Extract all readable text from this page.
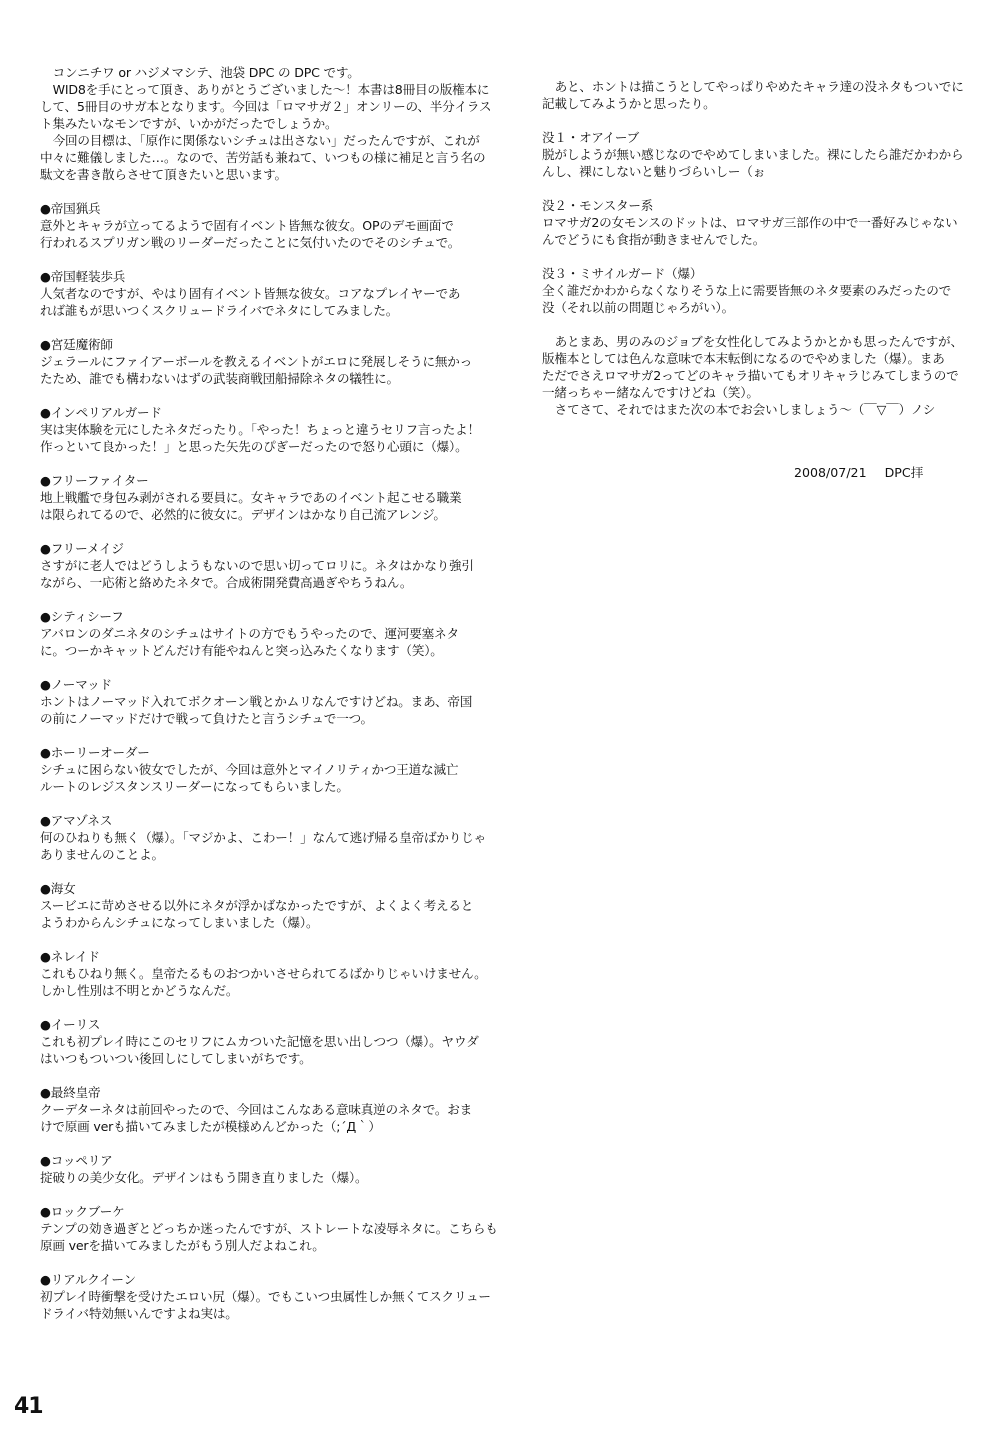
コンニチワ or ハジメマシテ、池袋 DPC の DPC です。

WID8を手にとって頂き、ありがとうございました〜！本書は8冊目の版権本にして、5冊目のサガ本となります。今回は「ロマサガ２」オンリーの、半分イラスト集みたいなモンですが、いかがだったでしょうか。

今回の目標は、「原作に関係ないシチュは出さない」だったんですが、これが中々に難儀しました…。なので、苦労話も兼ねて、いつもの様に補足と言う名の駄文を書き散らさせて頂きたいと思います。

●帝国猟兵

意外とキャラが立ってるようで固有イベント皆無な彼女。OPのデモ画面で

行われるスプリガン戦のリーダーだったことに気付いたのでそのシチュで。

●帝国軽装歩兵

人気者なのですが、やはり固有イベント皆無な彼女。コアなプレイヤーであ

れば誰もが思いつくスクリュードライバでネタにしてみました。

●宮廷魔術師

ジェラールにファイアーボールを教えるイベントがエロに発展しそうに無かっ

たため、誰でも構わないはずの武装商戦団船掃除ネタの犠牲に。

●インペリアルガード

実は実体験を元にしたネタだったり。「やった！ちょっと違うセリフ言ったよ！

作っといて良かった！」と思った矢先のぴぎーだったので怒り心頭に（爆）。

●フリーファイター

地上戦艦で身包み剥がされる要員に。女キャラであのイベント起こせる職業

は限られてるので、必然的に彼女に。デザインはかなり自己流アレンジ。

●フリーメイジ

さすがに老人ではどうしようもないので思い切ってロリに。ネタはかなり強引

ながら、一応術と絡めたネタで。合成術開発費高過ぎやちうねん。

●シティシーフ

アバロンのダニネタのシチュはサイトの方でもうやったので、運河要塞ネタ

に。つーかキャットどんだけ有能やねんと突っ込みたくなります（笑）。

●ノーマッド

ホントはノーマッド入れてボクオーン戦とかムリなんですけどね。まあ、帝国

の前にノーマッドだけで戦って負けたと言うシチュで一つ。

●ホーリーオーダー

シチュに困らない彼女でしたが、今回は意外とマイノリティかつ王道な滅亡

ルートのレジスタンスリーダーになってもらいました。

●アマゾネス

何のひねりも無く（爆）。「マジかよ、こわー！」なんて逃げ帰る皇帝ばかりじゃ

ありませんのことよ。

●海女

スービエに苛めさせる以外にネタが浮かばなかったですが、よくよく考えると

ようわからんシチュになってしまいました（爆）。

●ネレイド

これもひねり無く。皇帝たるものおつかいさせられてるばかりじゃいけません。

しかし性別は不明とかどうなんだ。

●イーリス

これも初プレイ時にこのセリフにムカついた記憶を思い出しつつ（爆）。ヤウダ

はいつもついつい後回しにしてしまいがちです。

●最終皇帝

クーデターネタは前回やったので、今回はこんなある意味真逆のネタで。おま

けで原画 verも描いてみましたが模様めんどかった（;´Д｀）

●コッペリア

掟破りの美少女化。デザインはもう開き直りました（爆）。

●ロックブーケ

テンプの効き過ぎとどっちか迷ったんですが、ストレートな凌辱ネタに。こちらも

原画 verを描いてみましたがもう別人だよねこれ。

●リアルクイーン

初プレイ時衝撃を受けたエロい尻（爆）。でもこいつ虫属性しか無くてスクリュー

ドライバ特効無いんですよね実は。

あと、ホントは描こうとしてやっぱりやめたキャラ達の没ネタもついでに

記載してみようかと思ったり。

没１・オアイーブ

脱がしようが無い感じなのでやめてしまいました。裸にしたら誰だかわから

んし、裸にしないと魅りづらいしー（ぉ

没２・モンスター系

ロマサガ2の女モンスのドットは、ロマサガ三部作の中で一番好みじゃない

んでどうにも食指が動きませんでした。

没３・ミサイルガード（爆）

全く誰だかわからなくなりそうな上に需要皆無のネタ要素のみだったので

没（それ以前の問題じゃろがい）。

あとまあ、男のみのジョブを女性化してみようかとかも思ったんですが、

版権本としては色んな意味で本末転倒になるのでやめました（爆）。まあ

ただでさえロマサガ2ってどのキャラ描いてもオリキャラじみてしまうので

一緒っちゃー緒なんですけどね（笑）。

さてさて、それではまた次の本でお会いしましょう〜（￣▽￣）ノシ

2008/07/21 DPC拝
41
